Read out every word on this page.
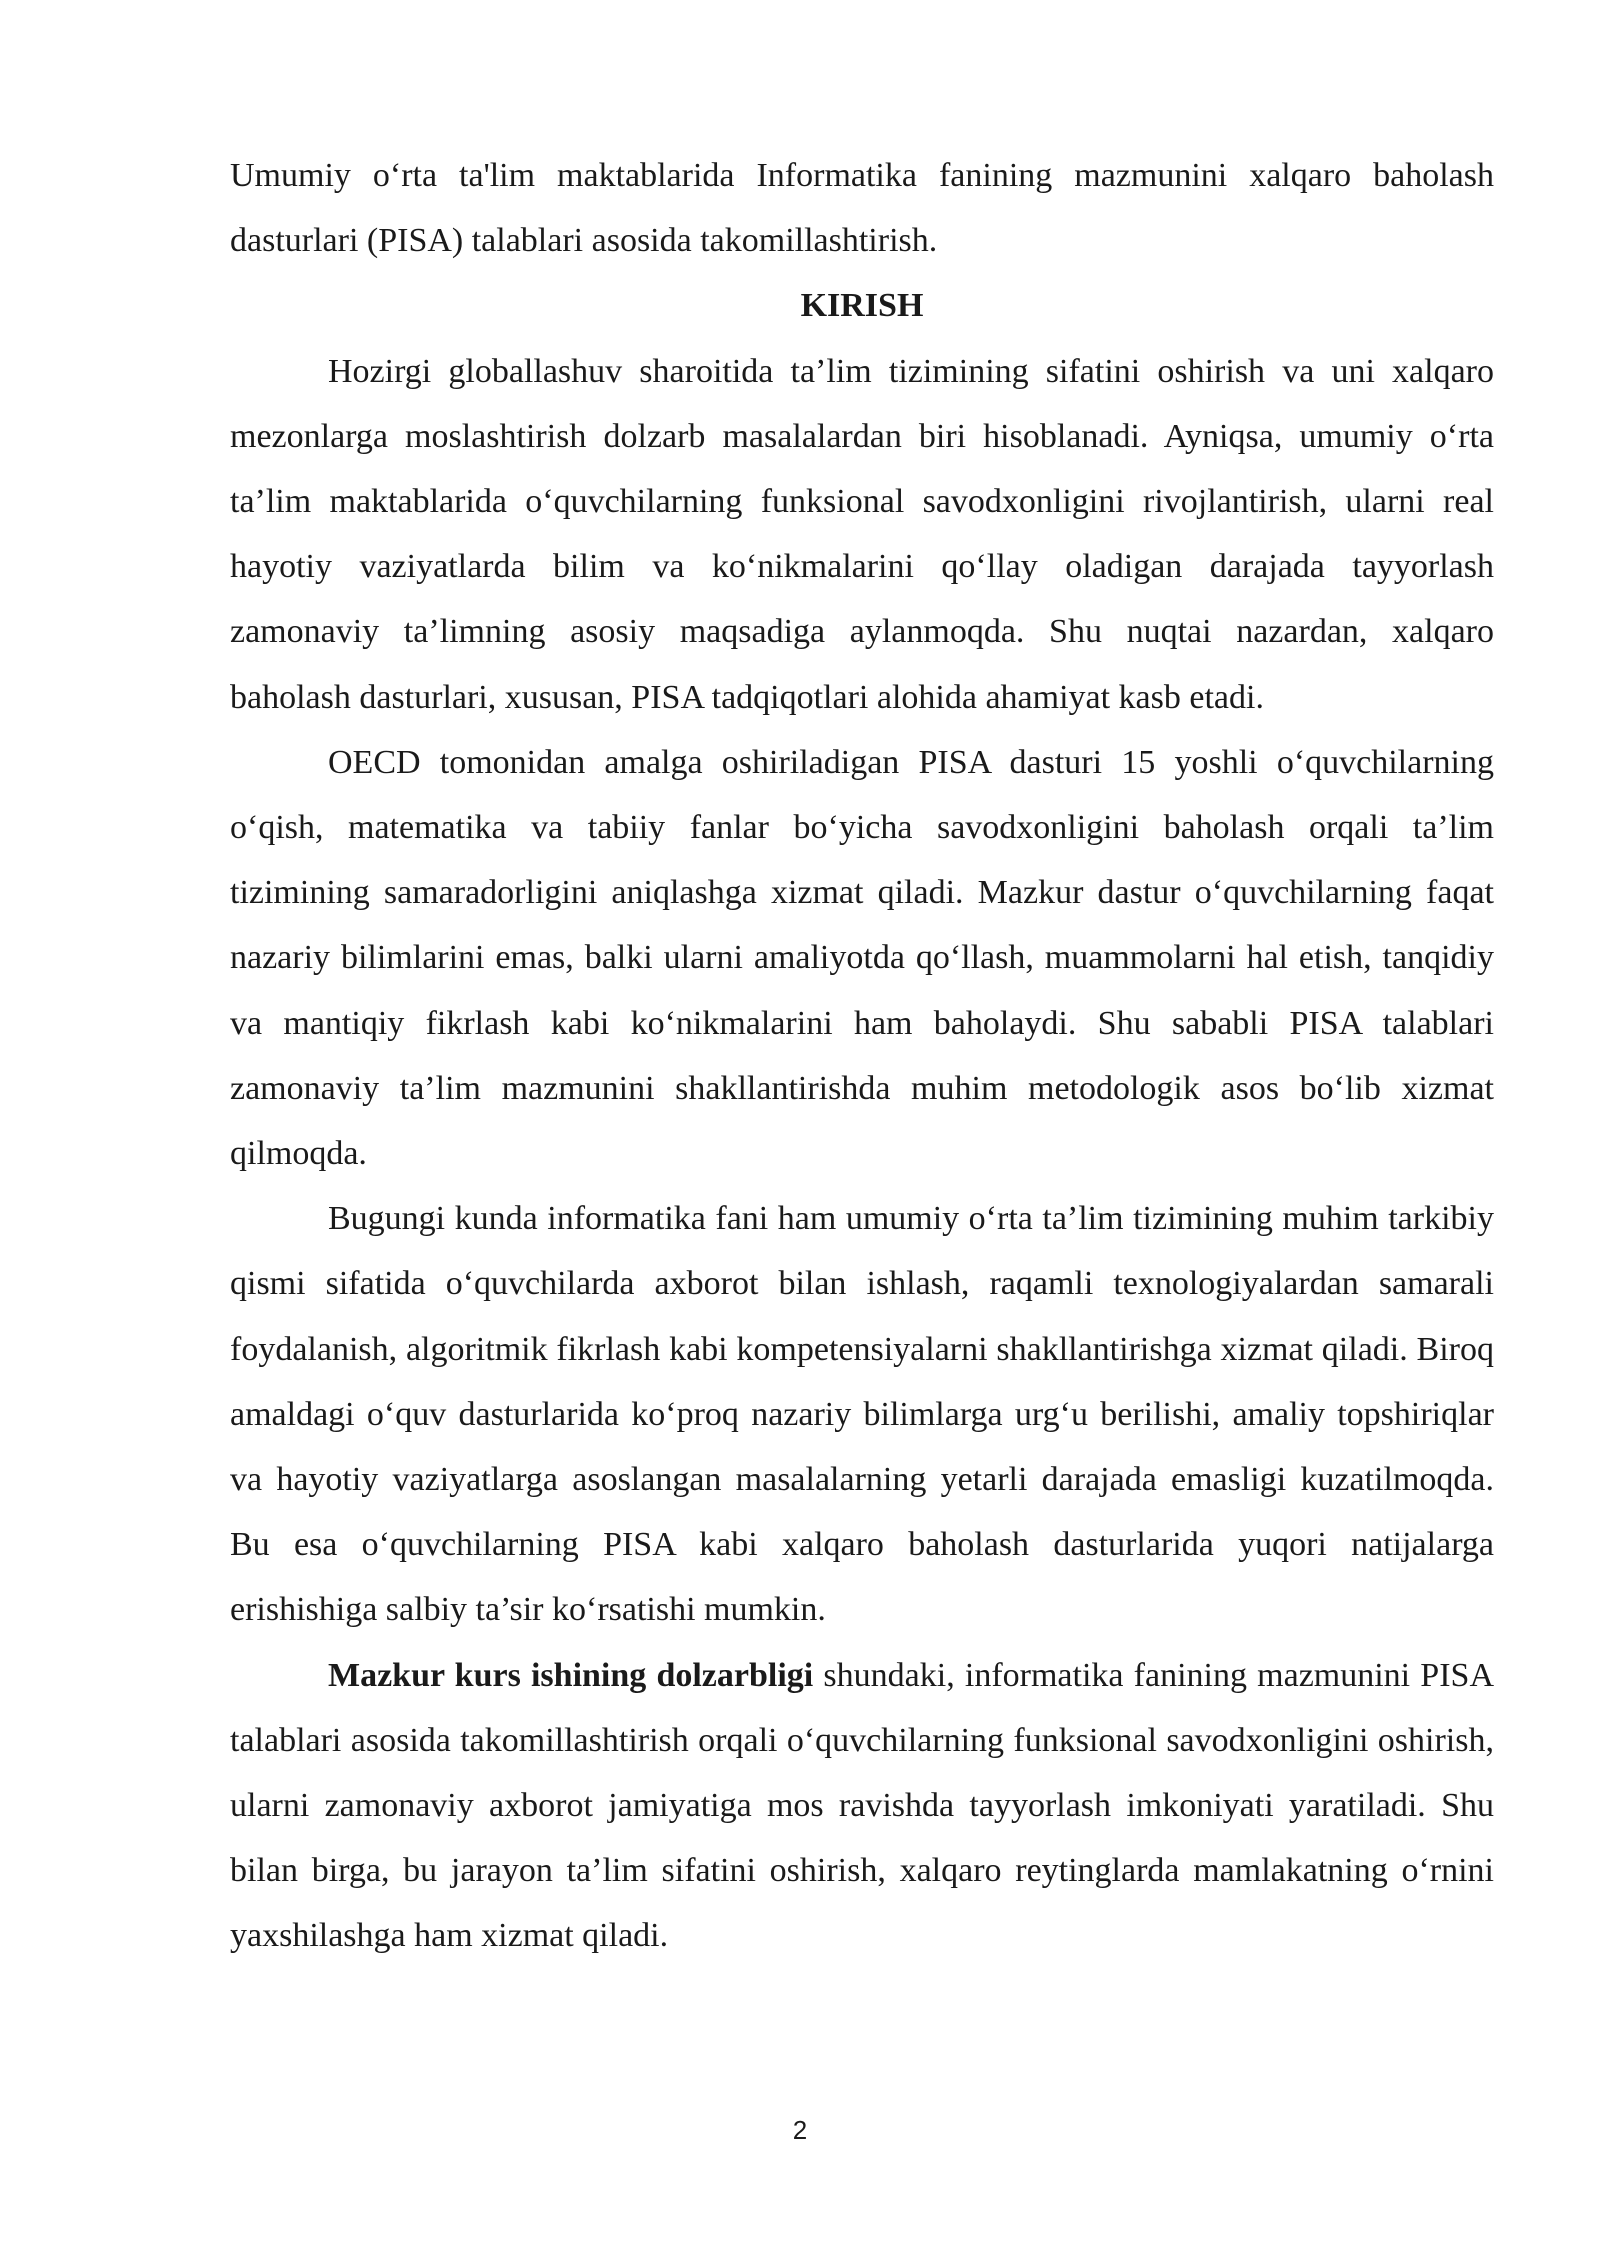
Umumiy o‘rta ta'lim maktablarida Informatika fanining mazmunini xalqaro baholash dasturlari (PISA) talablari asosida takomillashtirish.

KIRISH

Hozirgi globallashuv sharoitida ta’lim tizimining sifatini oshirish va uni xalqaro mezonlarga moslashtirish dolzarb masalalardan biri hisoblanadi. Ayniqsa, umumiy o‘rta ta’lim maktablarida o‘quvchilarning funksional savodxonligini rivojlantirish, ularni real hayotiy vaziyatlarda bilim va ko‘nikmalarini qo‘llay oladigan darajada tayyorlash zamonaviy ta’limning asosiy maqsadiga aylanmoqda. Shu nuqtai nazardan, xalqaro baholash dasturlari, xususan, PISA tadqiqotlari alohida ahamiyat kasb etadi.

OECD tomonidan amalga oshiriladigan PISA dasturi 15 yoshli o‘quvchilarning o‘qish, matematika va tabiiy fanlar bo‘yicha savodxonligini baholash orqali ta’lim tizimining samaradorligini aniqlashga xizmat qiladi. Mazkur dastur o‘quvchilarning faqat nazariy bilimlarini emas, balki ularni amaliyotda qo‘llash, muammolarni hal etish, tanqidiy va mantiqiy fikrlash kabi ko‘nikmalarini ham baholaydi. Shu sababli PISA talablari zamonaviy ta’lim mazmunini shakllantirishda muhim metodologik asos bo‘lib xizmat qilmoqda.

Bugungi kunda informatika fani ham umumiy o‘rta ta’lim tizimining muhim tarkibiy qismi sifatida o‘quvchilarda axborot bilan ishlash, raqamli texnologiyalardan samarali foydalanish, algoritmik fikrlash kabi kompetensiyalarni shakllantirishga xizmat qiladi. Biroq amaldagi o‘quv dasturlarida ko‘proq nazariy bilimlarga urg‘u berilishi, amaliy topshiriqlar va hayotiy vaziyatlarga asoslangan masalalarning yetarli darajada emasligi kuzatilmoqda. Bu esa o‘quvchilarning PISA kabi xalqaro baholash dasturlarida yuqori natijalarga erishishiga salbiy ta’sir ko‘rsatishi mumkin.

Mazkur kurs ishining dolzarbligi shundaki, informatika fanining mazmunini PISA talablari asosida takomillashtirish orqali o‘quvchilarning funksional savodxonligini oshirish, ularni zamonaviy axborot jamiyatiga mos ravishda tayyorlash imkoniyati yaratiladi. Shu bilan birga, bu jarayon ta’lim sifatini oshirish, xalqaro reytinglarda mamlakatning o‘rnini yaxshilashga ham xizmat qiladi.

2
